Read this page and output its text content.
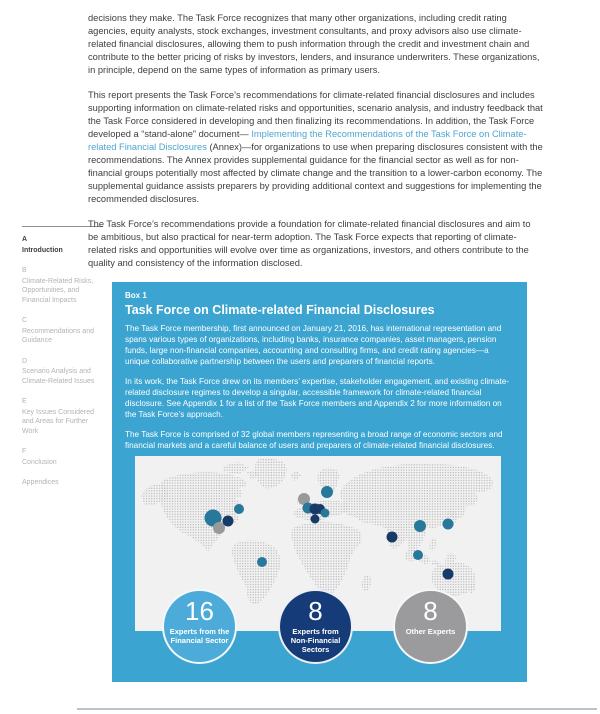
A
Introduction
B
Climate-Related Risks, Opportunities, and Financial Impacts
C
Recommendations and Guidance
D
Scenario Analysis and Climate-Related Issues
E
Key Issues Considered and Areas for Further Work
F
Conclusion
Appendices

decisions they make. The Task Force recognizes that many other organizations, including credit rating agencies, equity analysts, stock exchanges, investment consultants, and proxy advisors also use climate-related financial disclosures, allowing them to push information through the credit and investment chain and contribute to the better pricing of risks by investors, lenders, and insurance underwriters. These organizations, in principle, depend on the same types of information as primary users.

This report presents the Task Force’s recommendations for climate-related financial disclosures and includes supporting information on climate-related risks and opportunities, scenario analysis, and industry feedback that the Task Force considered in developing and then finalizing its recommendations. In addition, the Task Force developed a “stand-alone” document— Implementing the Recommendations of the Task Force on Climate-related Financial Disclosures (Annex)—for organizations to use when preparing disclosures consistent with the recommendations. The Annex provides supplemental guidance for the financial sector as well as for non-financial groups potentially most affected by climate change and the transition to a lower-carbon economy. The supplemental guidance assists preparers by providing additional context and suggestions for implementing the recommended disclosures.

The Task Force’s recommendations provide a foundation for climate-related financial disclosures and aim to be ambitious, but also practical for near-term adoption. The Task Force expects that reporting of climate-related risks and opportunities will evolve over time as organizations, investors, and others contribute to the quality and consistency of the information disclosed.

Box 1
Task Force on Climate-related Financial Disclosures

The Task Force membership, first announced on January 21, 2016, has international representation and spans various types of organizations, including banks, insurance companies, asset managers, pension funds, large non-financial companies, accounting and consulting firms, and credit rating agencies—a unique collaborative partnership between the users and preparers of financial reports.

In its work, the Task Force drew on its members’ expertise, stakeholder engagement, and existing climate-related disclosure regimes to develop a singular, accessible framework for climate-related financial disclosure. See Appendix 1 for a list of the Task Force members and Appendix 2 for more information on the Task Force’s approach.

The Task Force is comprised of 32 global members representing a broad range of economic sectors and financial markets and a careful balance of users and preparers of climate-related financial disclosures.

16
Experts from the Financial Sector
8
Experts from Non-Financial Sectors
8
Other Experts
